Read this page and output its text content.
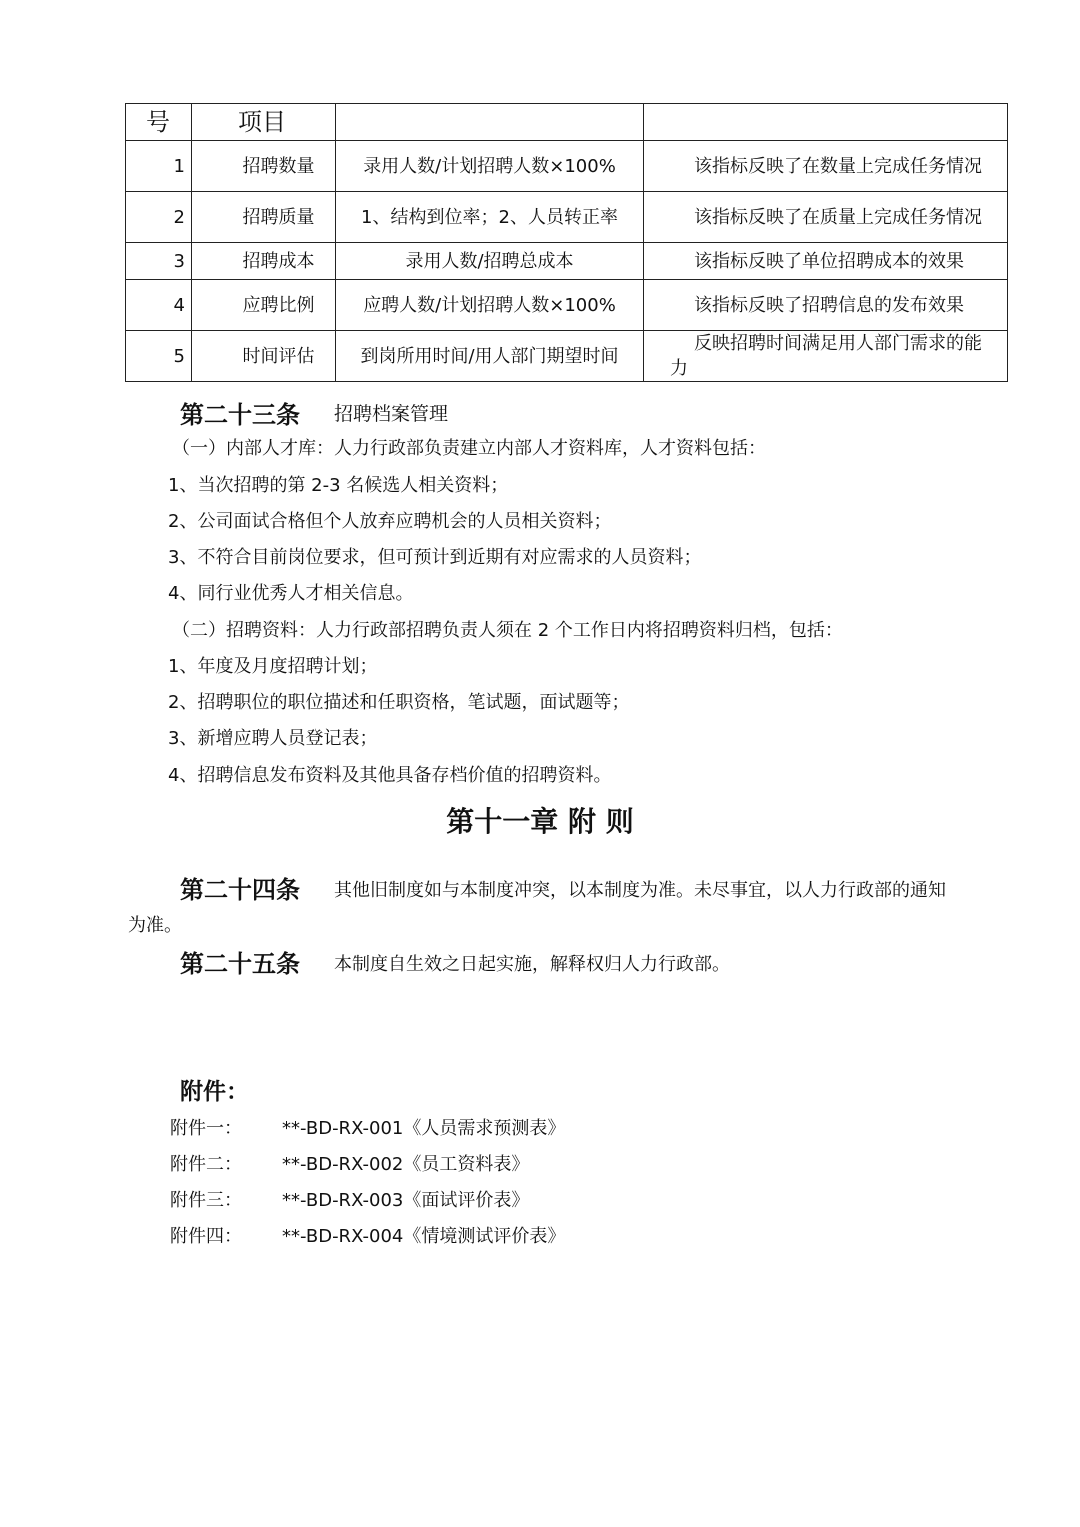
号	项目		
1	招聘数量	录用人数/计划招聘人数×100%	该指标反映了在数量上完成任务情况
2	招聘质量	1、结构到位率；2、人员转正率	该指标反映了在质量上完成任务情况
3	招聘成本	录用人数/招聘总成本	该指标反映了单位招聘成本的效果
4	应聘比例	应聘人数/计划招聘人数×100%	该指标反映了招聘信息的发布效果
5	时间评估	到岗所用时间/用人部门期望时间	反映招聘时间满足用人部门需求的能力
第二十三条 招聘档案管理
（一）内部人才库：人力行政部负责建立内部人才资料库，人才资料包括：
1、当次招聘的第 2-3 名候选人相关资料；
2、公司面试合格但个人放弃应聘机会的人员相关资料；
3、不符合目前岗位要求，但可预计到近期有对应需求的人员资料；
4、同行业优秀人才相关信息。
（二）招聘资料：人力行政部招聘负责人须在 2 个工作日内将招聘资料归档，包括：
1、年度及月度招聘计划；
2、招聘职位的职位描述和任职资格，笔试题，面试题等；
3、新增应聘人员登记表；
4、招聘信息发布资料及其他具备存档价值的招聘资料。
第十一章 附 则
第二十四条 其他旧制度如与本制度冲突，以本制度为准。未尽事宜，以人力行政部的通知
为准。
第二十五条 本制度自生效之日起实施，解释权归人力行政部。
附件：
附件一： **-BD-RX-001《人员需求预测表》
附件二： **-BD-RX-002《员工资料表》
附件三： **-BD-RX-003《面试评价表》
附件四： **-BD-RX-004《情境测试评价表》
